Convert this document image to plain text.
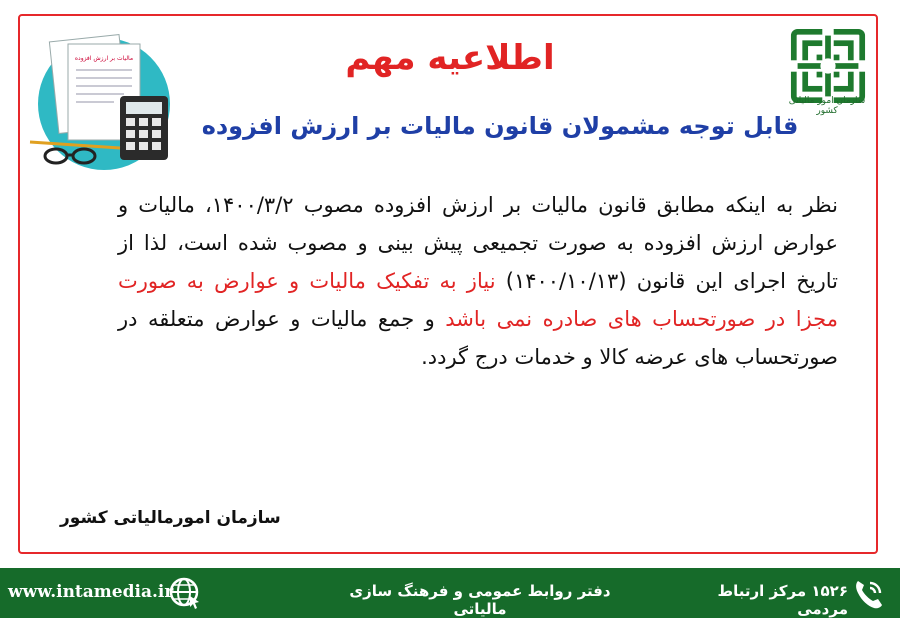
مالیات بر ارزش افزوده
سازمان امور مالیاتی کشور
اطلاعیه مهم
قابل توجه مشمولان قانون مالیات بر ارزش افزوده
نظر به اینکه مطابق قانون مالیات بر ارزش افزوده مصوب ۱۴۰۰/۳/۲، مالیات و عوارض ارزش افزوده به صورت تجمیعی پیش بینی و مصوب شده است، لذا از تاریخ اجرای این قانون (۱۴۰۰/۱۰/۱۳) نیاز به تفکیک مالیات و عوارض به صورت مجزا در صورتحساب های صادره نمی باشد و جمع مالیات و عوارض متعلقه در صورتحساب های عرضه کالا و خدمات درج گردد.
سازمان امورمالیاتی کشور
www.intamedia.ir	دفتر روابط عمومی و فرهنگ سازی مالیاتی
۱۵۲۶ مرکز ارتباط مردمی
